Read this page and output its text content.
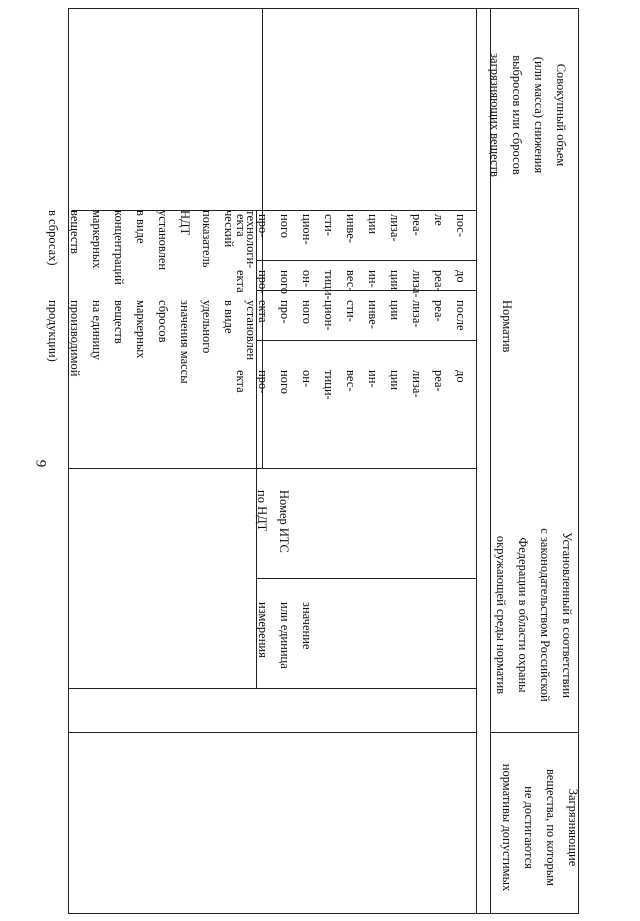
9
Загрязняющие
вещества, по которым
не достигаются
нормативы допустимых
Установленный в соответствии
с законодательством Российской
Федерации в области охраны
окружающей среды норматив
значение
или единица
измерения
Номер ИТС
по НДТ
установлен
в виде
удельного
значения массы
сбросов
маркерных
веществ
на единицу
производимой
продукции)
технологи-
ческий
показатель
НДТ
установлен
в виде
концентраций
маркерных
веществ
в сбросах)
до
реа-
лиза-
ции
ин-
вес-
тици-
он-
ного
про-
екта
после
реа-
лиза-
ции
инве-
сти-
цион-
ного
про-
екта
до
реа-
лиза-
ции
ин-
вес-
тици-
он-
ного
про-
екта
пос-
ле
реа-
лиза-
ции
инве-
сти-
цион-
ного
про-
екта
Норматив
Совокупный объем
(или масса) снижения
выбросов или сбросов
загрязняющих веществ
